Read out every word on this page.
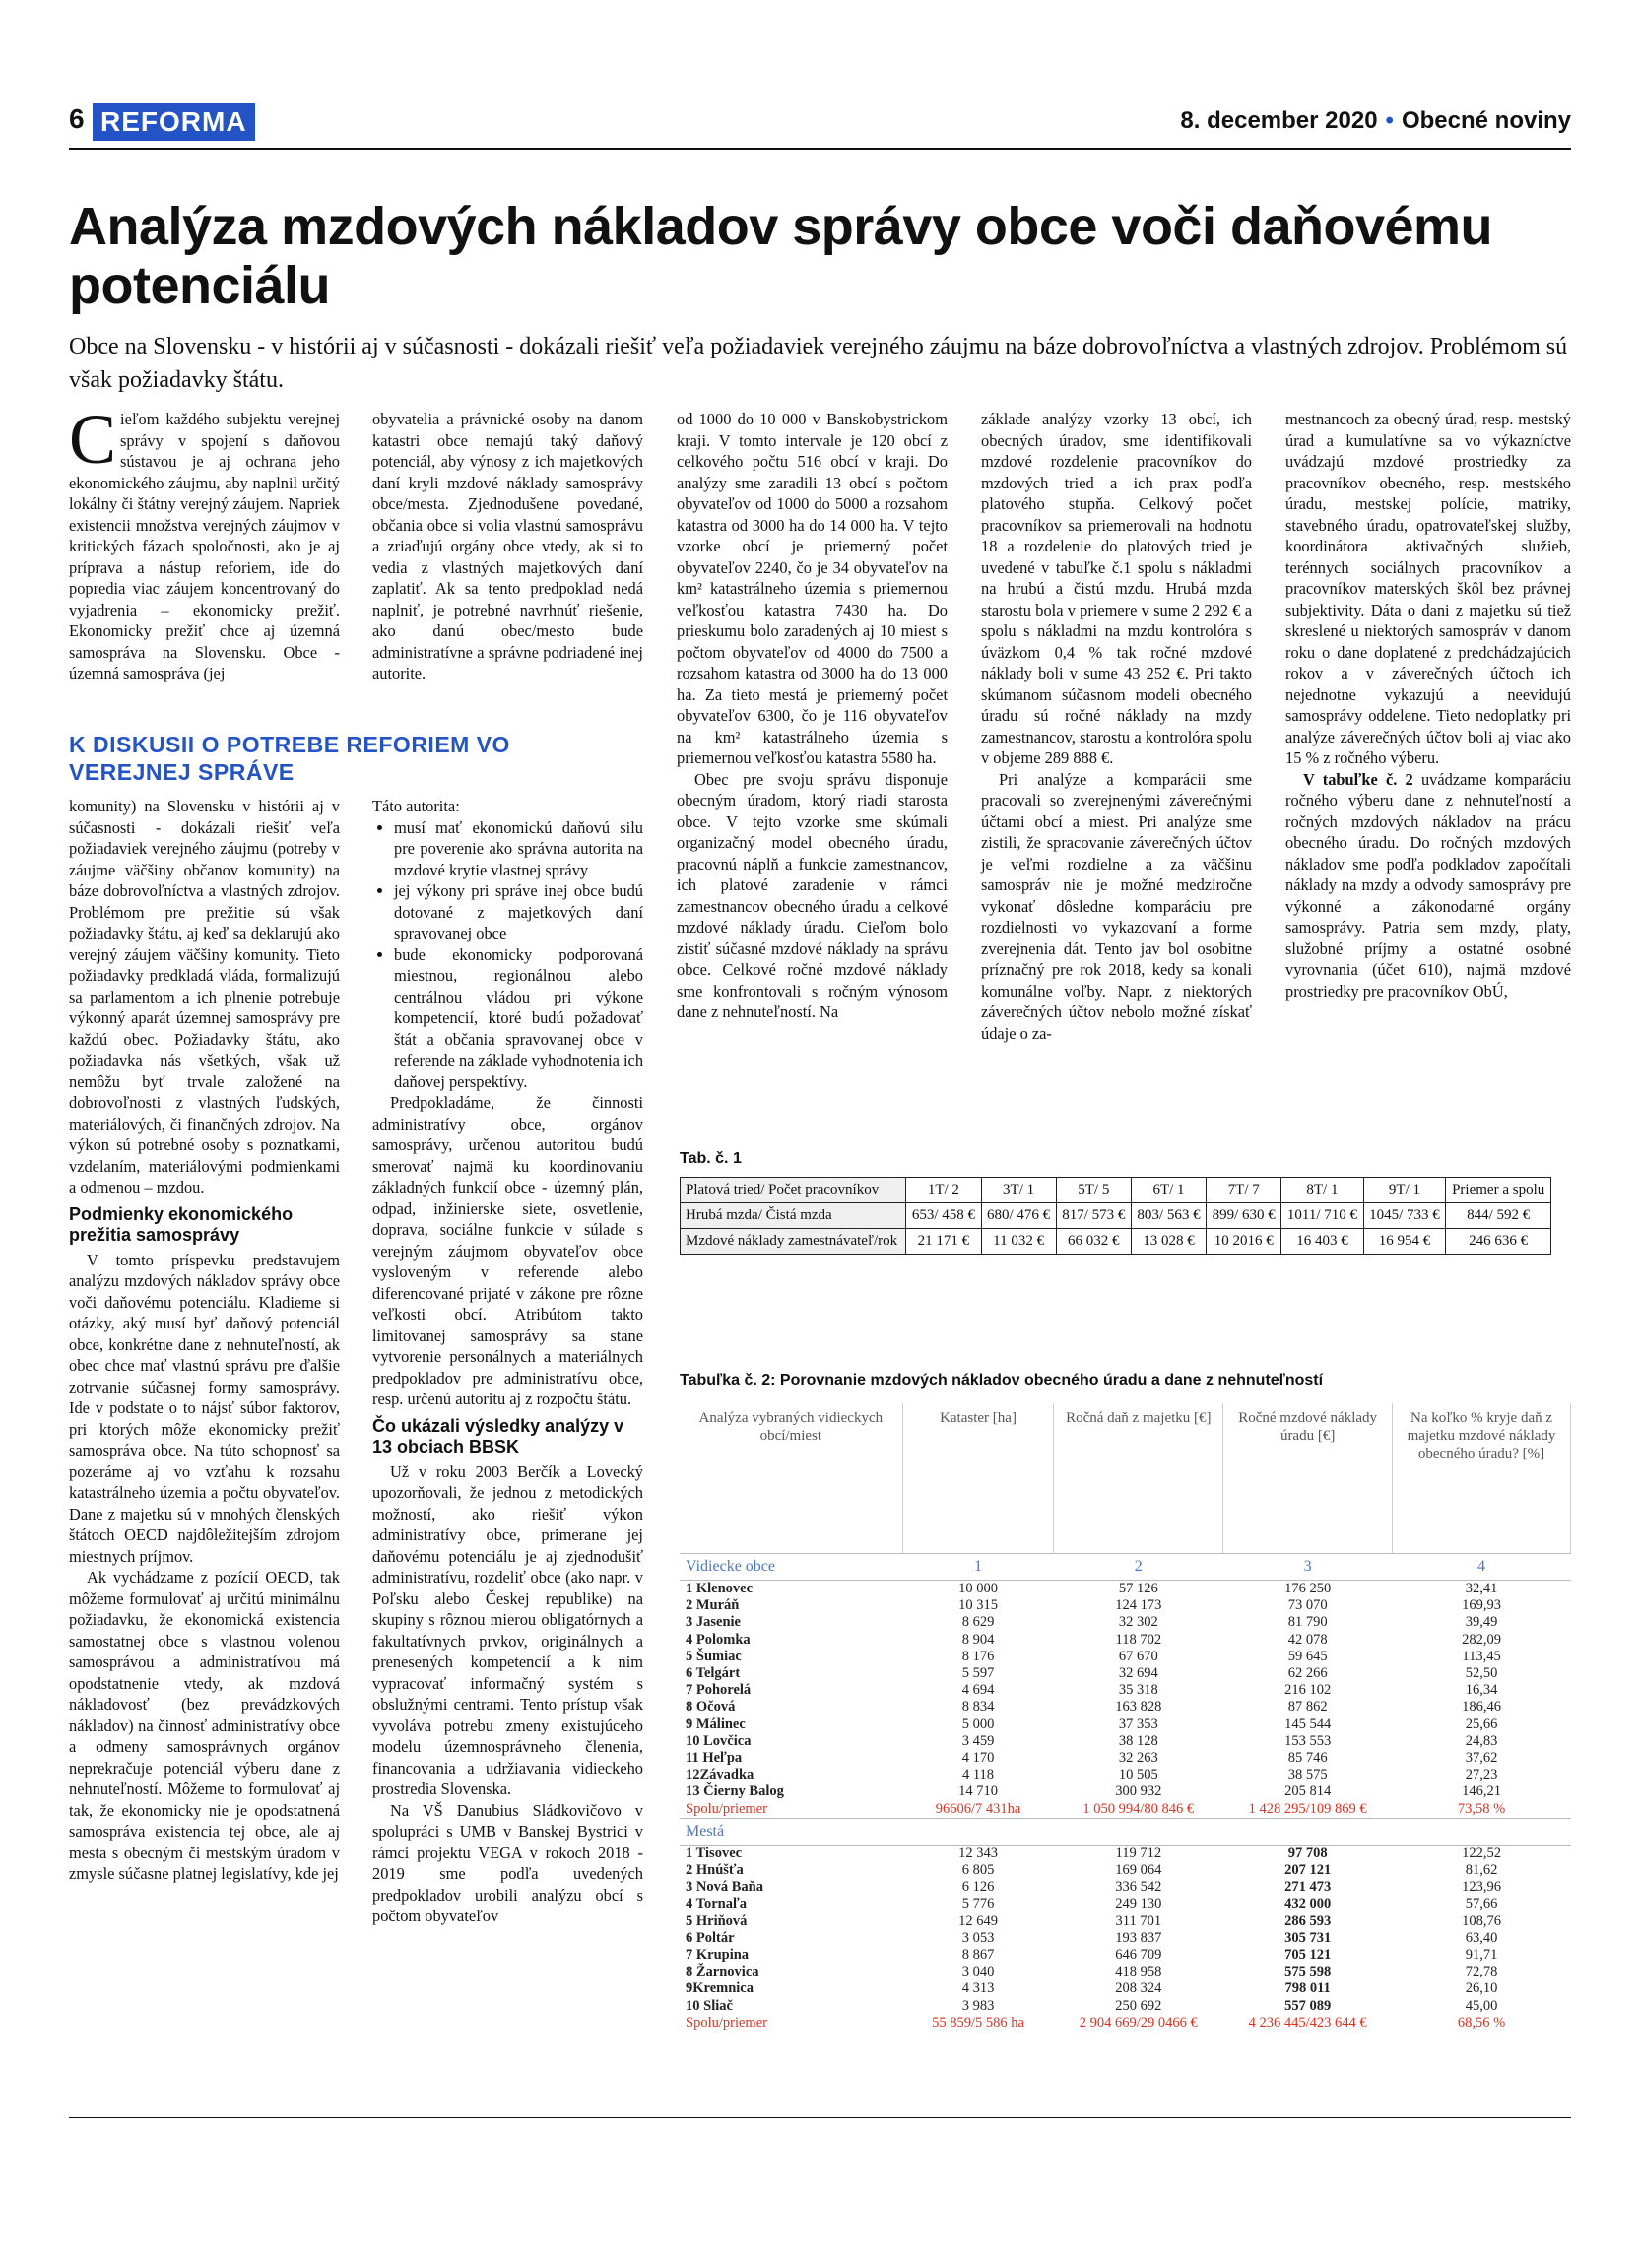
6 REFORMA	8. december 2020 • Obecné noviny
Analýza mzdových nákladov správy obce voči daňovému potenciálu

Obce na Slovensku - v histórii aj v súčasnosti - dokázali riešiť veľa požiadaviek verejného záujmu na báze dobrovoľníctva a vlastných zdrojov. Problémom sú však požiadavky štátu.

Cieľom každého subjektu verejnej správy v spojení s daňovou sústavou je aj ochrana jeho ekonomického záujmu, aby naplnil určitý lokálny či štátny verejný záujem. Napriek existencii množstva verejných záujmov v kritických fázach spoločnosti, ako je aj príprava a nástup reforiem, ide do popredia viac záujem koncentrovaný do vyjadrenia – ekonomicky prežiť. Ekonomicky prežiť chce aj územná samospráva na Slovensku. Obce - územná samospráva (jej

obyvatelia a právnické osoby na danom katastri obce nemajú taký daňový potenciál, aby výnosy z ich majetkových daní kryli mzdové náklady samosprávy obce/mesta. Zjednodušene povedané, občania obce si volia vlastnú samosprávu a zriaďujú orgány obce vtedy, ak si to vedia z vlastných majetkových daní zaplatiť. Ak sa tento predpoklad nedá naplniť, je potrebné navrhnúť riešenie, ako danú obec/mesto bude administratívne a správne podriadené inej autorite.

od 1000 do 10 000 v Banskobystrickom kraji. V tomto intervale je 120 obcí z celkového počtu 516 obcí v kraji. Do analýzy sme zaradili 13 obcí s počtom obyvateľov od 1000 do 5000 a rozsahom katastra od 3000 ha do 14 000 ha. V tejto vzorke obcí je priemerný počet obyvateľov 2240, čo je 34 obyvateľov na km² katastrálneho územia s priemernou veľkosťou katastra 7430 ha. Do prieskumu bolo zaradených aj 10 miest s počtom obyvateľov od 4000 do 7500 a rozsahom katastra od 3000 ha do 13 000 ha. Za tieto mestá je priemerný počet obyvateľov 6300, čo je 116 obyvateľov na km² katastrálneho územia s priemernou veľkosťou katastra 5580 ha.

Obec pre svoju správu disponuje obecným úradom, ktorý riadi starosta obce. V tejto vzorke sme skúmali organizačný model obecného úradu, pracovnú náplň a funkcie zamestnancov, ich platové zaradenie v rámci zamestnancov obecného úradu a celkové mzdové náklady úradu. Cieľom bolo zistiť súčasné mzdové náklady na správu obce. Celkové ročné mzdové náklady sme konfrontovali s ročným výnosom dane z nehnuteľností. Na

základe analýzy vzorky 13 obcí, ich obecných úradov, sme identifikovali mzdové rozdelenie pracovníkov do mzdových tried a ich prax podľa platového stupňa. Celkový počet pracovníkov sa priemerovali na hodnotu 18 a rozdelenie do platových tried je uvedené v tabuľke č.1 spolu s nákladmi na hrubú a čistú mzdu. Hrubá mzda starostu bola v priemere v sume 2 292 € a spolu s nákladmi na mzdu kontrolóra s úväzkom 0,4 % tak ročné mzdové náklady boli v sume 43 252 €. Pri takto skúmanom súčasnom modeli obecného úradu sú ročné náklady na mzdy zamestnancov, starostu a kontrolóra spolu v objeme 289 888 €.

Pri analýze a komparácii sme pracovali so zverejnenými záverečnými účtami obcí a miest. Pri analýze sme zistili, že spracovanie záverečných účtov je veľmi rozdielne a za väčšinu samospráv nie je možné medziročne vykonať dôsledne komparáciu pre rozdielnosti vo vykazovaní a forme zverejnenia dát. Tento jav bol osobitne príznačný pre rok 2018, kedy sa konali komunálne voľby. Napr. z niektorých záverečných účtov nebolo možné získať údaje o za-

mestnancoch za obecný úrad, resp. mestský úrad a kumulatívne sa vo výkazníctve uvádzajú mzdové prostriedky za pracovníkov obecného, resp. mestského úradu, mestskej polície, matriky, stavebného úradu, opatrovateľskej služby, koordinátora aktivačných služieb, terénnych sociálnych pracovníkov a pracovníkov materských škôl bez právnej subjektivity. Dáta o dani z majetku sú tiež skreslené u niektorých samospráv v danom roku o dane doplatené z predchádzajúcich rokov a v záverečných účtoch ich nejednotne vykazujú a neevidujú samosprávy oddelene. Tieto nedoplatky pri analýze záverečných účtov boli aj viac ako 15 % z ročného výberu.

V tabuľke č. 2 uvádzame komparáciu ročného výberu dane z nehnuteľností a ročných mzdových nákladov na prácu obecného úradu. Do ročných mzdových nákladov sme podľa podkladov započítali náklady na mzdy a odvody samosprávy pre výkonné a zákonodarné orgány samosprávy. Patria sem mzdy, platy, služobné príjmy a ostatné osobné vyrovnania (účet 610), najmä mzdové prostriedky pre pracovníkov ObÚ,

K DISKUSII O POTREBE REFORIEM VO VEREJNEJ SPRÁVE

komunity) na Slovensku v histórii aj v súčasnosti - dokázali riešiť veľa požiadaviek verejného záujmu (potreby v záujme väčšiny občanov komunity) na báze dobrovoľníctva a vlastných zdrojov. Problémom pre prežitie sú však požiadavky štátu, aj keď sa deklarujú ako verejný záujem väčšiny komunity. Tieto požiadavky predkladá vláda, formalizujú sa parlamentom a ich plnenie potrebuje výkonný aparát územnej samosprávy pre každú obec. Požiadavky štátu, ako požiadavka nás všetkých, však už nemôžu byť trvale založené na dobrovoľnosti z vlastných ľudských, materiálových, či finančných zdrojov. Na výkon sú potrebné osoby s poznatkami, vzdelaním, materiálovými podmienkami a odmenou – mzdou.

Podmienky ekonomického prežitia samosprávy

V tomto príspevku predstavujem analýzu mzdových nákladov správy obce voči daňovému potenciálu. Kladieme si otázky, aký musí byť daňový potenciál obce, konkrétne dane z nehnuteľností, ak obec chce mať vlastnú správu pre ďalšie zotrvanie súčasnej formy samosprávy. Ide v podstate o to nájsť súbor faktorov, pri ktorých môže ekonomicky prežiť samospráva obce. Na túto schopnosť sa pozeráme aj vo vzťahu k rozsahu katastrálneho územia a počtu obyvateľov. Dane z majetku sú v mnohých členských štátoch OECD najdôležitejším zdrojom miestnych príjmov.

Ak vychádzame z pozícií OECD, tak môžeme formulovať aj určitú minimálnu požiadavku, že ekonomická existencia samostatnej obce s vlastnou volenou samosprávou a administratívou má opodstatnenie vtedy, ak mzdová nákladovosť (bez prevádzkových nákladov) na činnosť administratívy obce a odmeny samosprávnych orgánov neprekračuje potenciál výberu dane z nehnuteľností. Môžeme to formulovať aj tak, že ekonomicky nie je opodstatnená samospráva existencia tej obce, ale aj mesta s obecným či mestským úradom v zmysle súčasne platnej legislatívy, kde jej

Táto autorita:

• musí mať ekonomickú daňovú silu pre poverenie ako správna autorita na mzdové krytie vlastnej správy
• jej výkony pri správe inej obce budú dotované z majetkových daní spravovanej obce
• bude ekonomicky podporovaná miestnou, regionálnou alebo centrálnou vládou pri výkone kompetencií, ktoré budú požadovať štát a občania spravovanej obce v referende na základe vyhodnotenia ich daňovej perspektívy.

Predpokladáme, že činnosti administratívy obce, orgánov samosprávy, určenou autoritou budú smerovať najmä ku koordinovaniu základných funkcií obce - územný plán, odpad, inžinierske siete, osvetlenie, doprava, sociálne funkcie v súlade s verejným záujmom obyvateľov obce vysloveným v referende alebo diferencované prijaté v zákone pre rôzne veľkosti obcí. Atribútom takto limitovanej samosprávy sa stane vytvorenie personálnych a materiálnych predpokladov pre administratívu obce, resp. určenú autoritu aj z rozpočtu štátu.

Čo ukázali výsledky analýzy v 13 obciach BBSK

Už v roku 2003 Berčík a Lovecký upozorňovali, že jednou z metodických možností, ako riešiť výkon administratívy obce, primerane jej daňovému potenciálu je aj zjednodušiť administratívu, rozdeliť obce (ako napr. v Poľsku alebo Českej republike) na skupiny s rôznou mierou obligatórnych a fakultatívnych prvkov, originálnych a prenesených kompetencií a k nim vypracovať informačný systém s obslužnými centrami. Tento prístup však vyvoláva potrebu zmeny existujúceho modelu územnosprávneho členenia, financovania a udržiavania vidieckeho prostredia Slovenska.

Na VŠ Danubius Sládkovičovo v spolupráci s UMB v Banskej Bystrici v rámci projektu VEGA v rokoch 2018 - 2019 sme podľa uvedených predpokladov urobili analýzu obcí s počtom obyvateľov

Tab. č. 1
Platová tried/ Počet pracovníkov	1T/ 2	3T/ 1	5T/ 5	6T/ 1	7T/ 7	8T/ 1	9T/ 1	Priemer a spolu
Hrubá mzda/ Čistá mzda	653/ 458 €	680/ 476 €	817/ 573 €	803/ 563 €	899/ 630 €	1011/ 710 €	1045/ 733 €	844/ 592 €
Mzdové náklady zamestnávateľ/rok	21 171 €	11 032 €	66 032 €	13 028 €	10 2016 €	16 403 €	16 954 €	246 636 €
Tabuľka č. 2: Porovnanie mzdových nákladov obecného úradu a dane z nehnuteľností
Analýza vybraných vidieckych obcí/miest	Kataster [ha]	Ročná daň z majetku [€]	Ročné mzdové náklady úradu [€]	Na koľko % kryje daň z majetku mzdové náklady obecného úradu? [%]
Vidiecke obce	1	2	3	4
1 Klenovec	10 000	57 126	176 250	32,41
2 Muráň	10 315	124 173	73 070	169,93
3 Jasenie	8 629	32 302	81 790	39,49
4 Polomka	8 904	118 702	42 078	282,09
5 Šumiac	8 176	67 670	59 645	113,45
6 Telgárt	5 597	32 694	62 266	52,50
7 Pohorelá	4 694	35 318	216 102	16,34
8 Očová	8 834	163 828	87 862	186,46
9 Málinec	5 000	37 353	145 544	25,66
10 Lovčica	3 459	38 128	153 553	24,83
11 Heľpa	4 170	32 263	85 746	37,62
12Závadka	4 118	10 505	38 575	27,23
13 Čierny Balog	14 710	300 932	205 814	146,21
Spolu/priemer	96606/7 431ha	1 050 994/80 846 €	1 428 295/109 869 €	73,58 %
Mestá				
1 Tisovec	12 343	119 712	97 708	122,52
2 Hnúšťa	6 805	169 064	207 121	81,62
3 Nová Baňa	6 126	336 542	271 473	123,96
4 Tornaľa	5 776	249 130	432 000	57,66
5 Hriňová	12 649	311 701	286 593	108,76
6 Poltár	3 053	193 837	305 731	63,40
7 Krupina	8 867	646 709	705 121	91,71
8 Žarnovica	3 040	418 958	575 598	72,78
9Kremnica	4 313	208 324	798 011	26,10
10 Sliač	3 983	250 692	557 089	45,00
Spolu/priemer	55 859/5 586 ha	2 904 669/29 0466 €	4 236 445/423 644 €	68,56 %
